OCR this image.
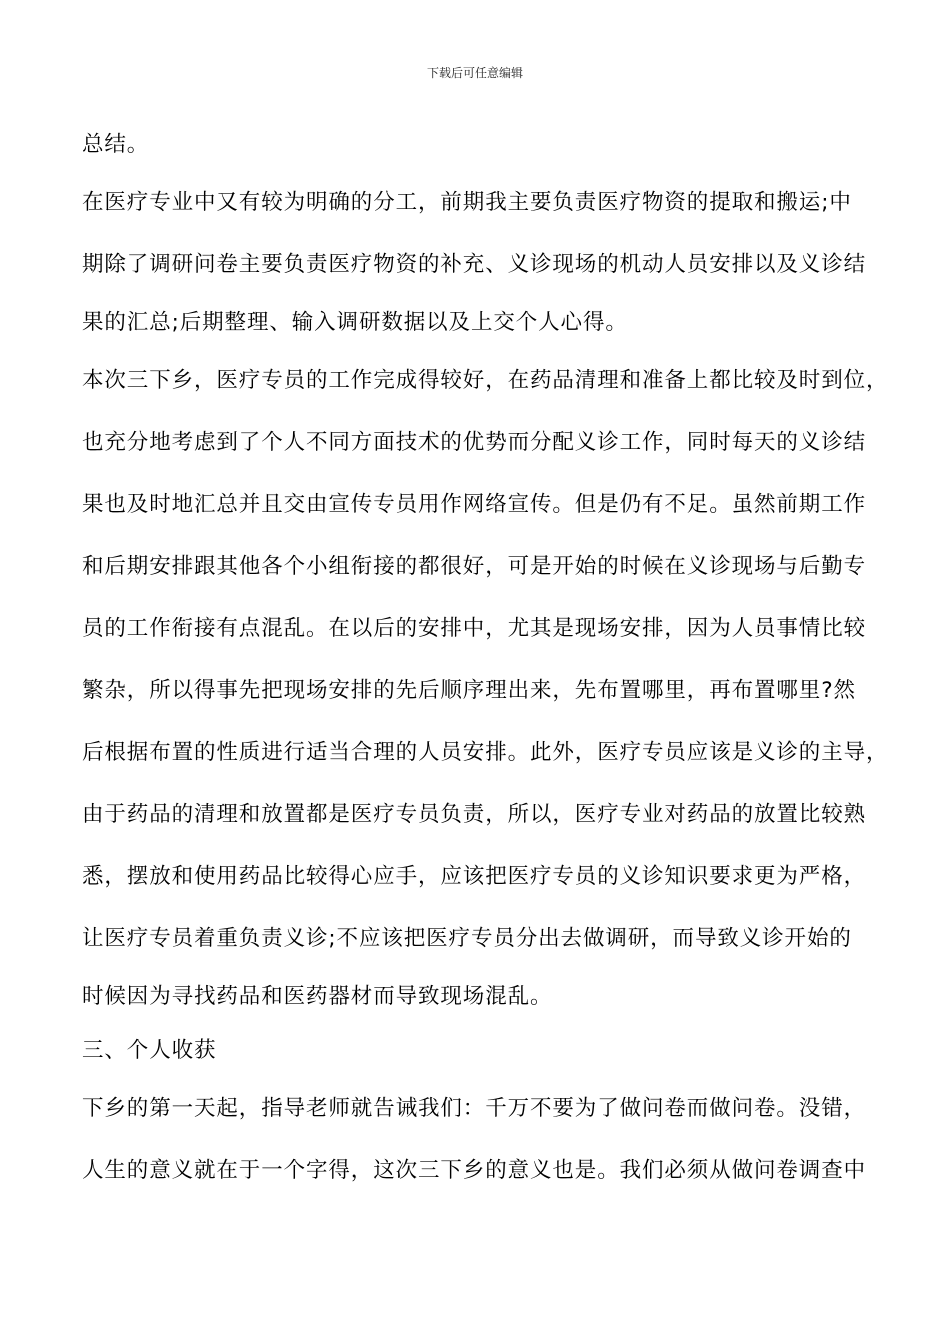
下载后可任意编辑
总结。
在医疗专业中又有较为明确的分工，前期我主要负责医疗物资的提取和搬运;中
期除了调研问卷主要负责医疗物资的补充、义诊现场的机动人员安排以及义诊结
果的汇总;后期整理、输入调研数据以及上交个人心得。
本次三下乡，医疗专员的工作完成得较好，在药品清理和准备上都比较及时到位，
也充分地考虑到了个人不同方面技术的优势而分配义诊工作，同时每天的义诊结
果也及时地汇总并且交由宣传专员用作网络宣传。但是仍有不足。虽然前期工作
和后期安排跟其他各个小组衔接的都很好，可是开始的时候在义诊现场与后勤专
员的工作衔接有点混乱。在以后的安排中，尤其是现场安排，因为人员事情比较
繁杂，所以得事先把现场安排的先后顺序理出来，先布置哪里，再布置哪里?然
后根据布置的性质进行适当合理的人员安排。此外，医疗专员应该是义诊的主导，
由于药品的清理和放置都是医疗专员负责，所以，医疗专业对药品的放置比较熟
悉，摆放和使用药品比较得心应手，应该把医疗专员的义诊知识要求更为严格，
让医疗专员着重负责义诊;不应该把医疗专员分出去做调研，而导致义诊开始的
时候因为寻找药品和医药器材而导致现场混乱。
三、个人收获
下乡的第一天起，指导老师就告诫我们：千万不要为了做问卷而做问卷。没错，
人生的意义就在于一个字得，这次三下乡的意义也是。我们必须从做问卷调查中
